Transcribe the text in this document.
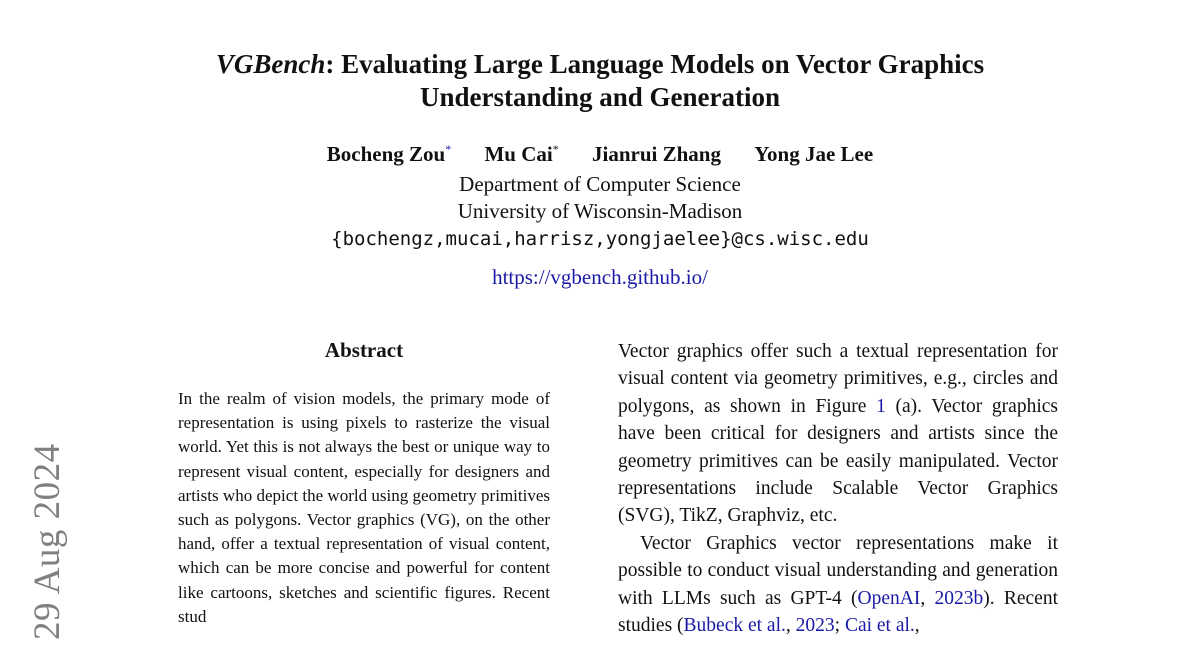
29 Aug 2024
VGBench: Evaluating Large Language Models on Vector Graphics
Understanding and Generation
Bocheng Zou* Mu Cai* Jianrui Zhang Yong Jae Lee
Department of Computer Science
University of Wisconsin-Madison
{bochengz,mucai,harrisz,yongjaelee}@cs.wisc.edu
https://vgbench.github.io/
Abstract
In the realm of vision models, the primary mode of representation is using pixels to rasterize the visual world. Yet this is not always the best or unique way to represent visual content, especially for designers and artists who depict the world using geometry primitives such as polygons. Vector graphics (VG), on the other hand, offer a textual representation of visual content, which can be more concise and powerful for content like cartoons, sketches and scientific figures. Recent stud

Vector graphics offer such a textual representation for visual content via geometry primitives, e.g., circles and polygons, as shown in Figure 1 (a). Vector graphics have been critical for designers and artists since the geometry primitives can be easily manipulated. Vector representations include Scalable Vector Graphics (SVG), TikZ, Graphviz, etc.

Vector Graphics vector representations make it possible to conduct visual understanding and generation with LLMs such as GPT-4 (OpenAI, 2023b). Recent studies (Bubeck et al., 2023; Cai et al.,
